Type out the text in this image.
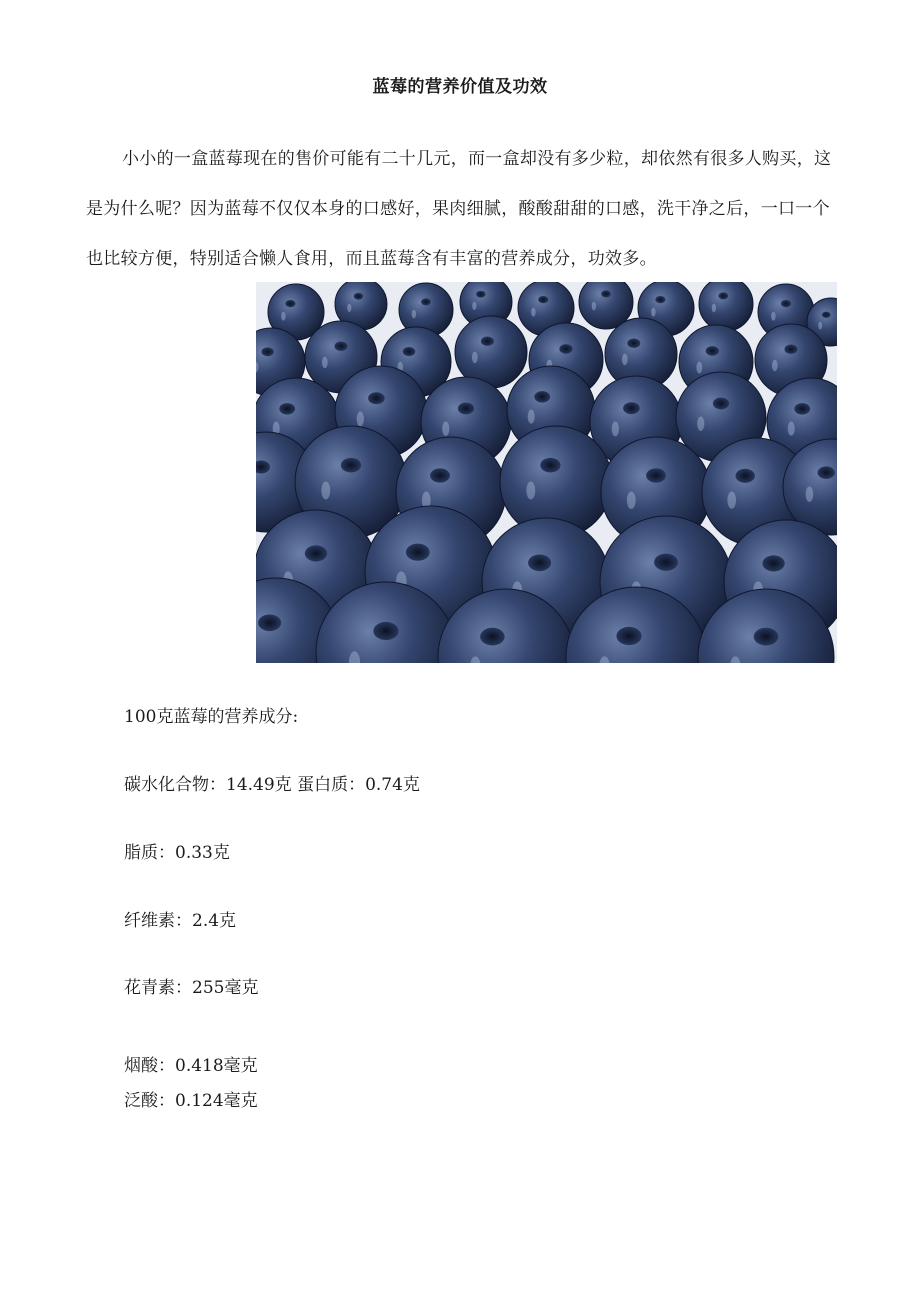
蓝莓的营养价值及功效

小小的一盒蓝莓现在的售价可能有二十几元，而一盒却没有多少粒，却依然有很多人购买，这是为什么呢？因为蓝莓不仅仅本身的口感好，果肉细腻，酸酸甜甜的口感，洗干净之后，一口一个也比较方便，特别适合懒人食用，而且蓝莓含有丰富的营养成分，功效多。

100克蓝莓的营养成分:

碳水化合物：14.49克 蛋白质：0.74克

脂质：0.33克

纤维素：2.4克

花青素：255毫克

烟酸：0.418毫克

泛酸：0.124毫克
